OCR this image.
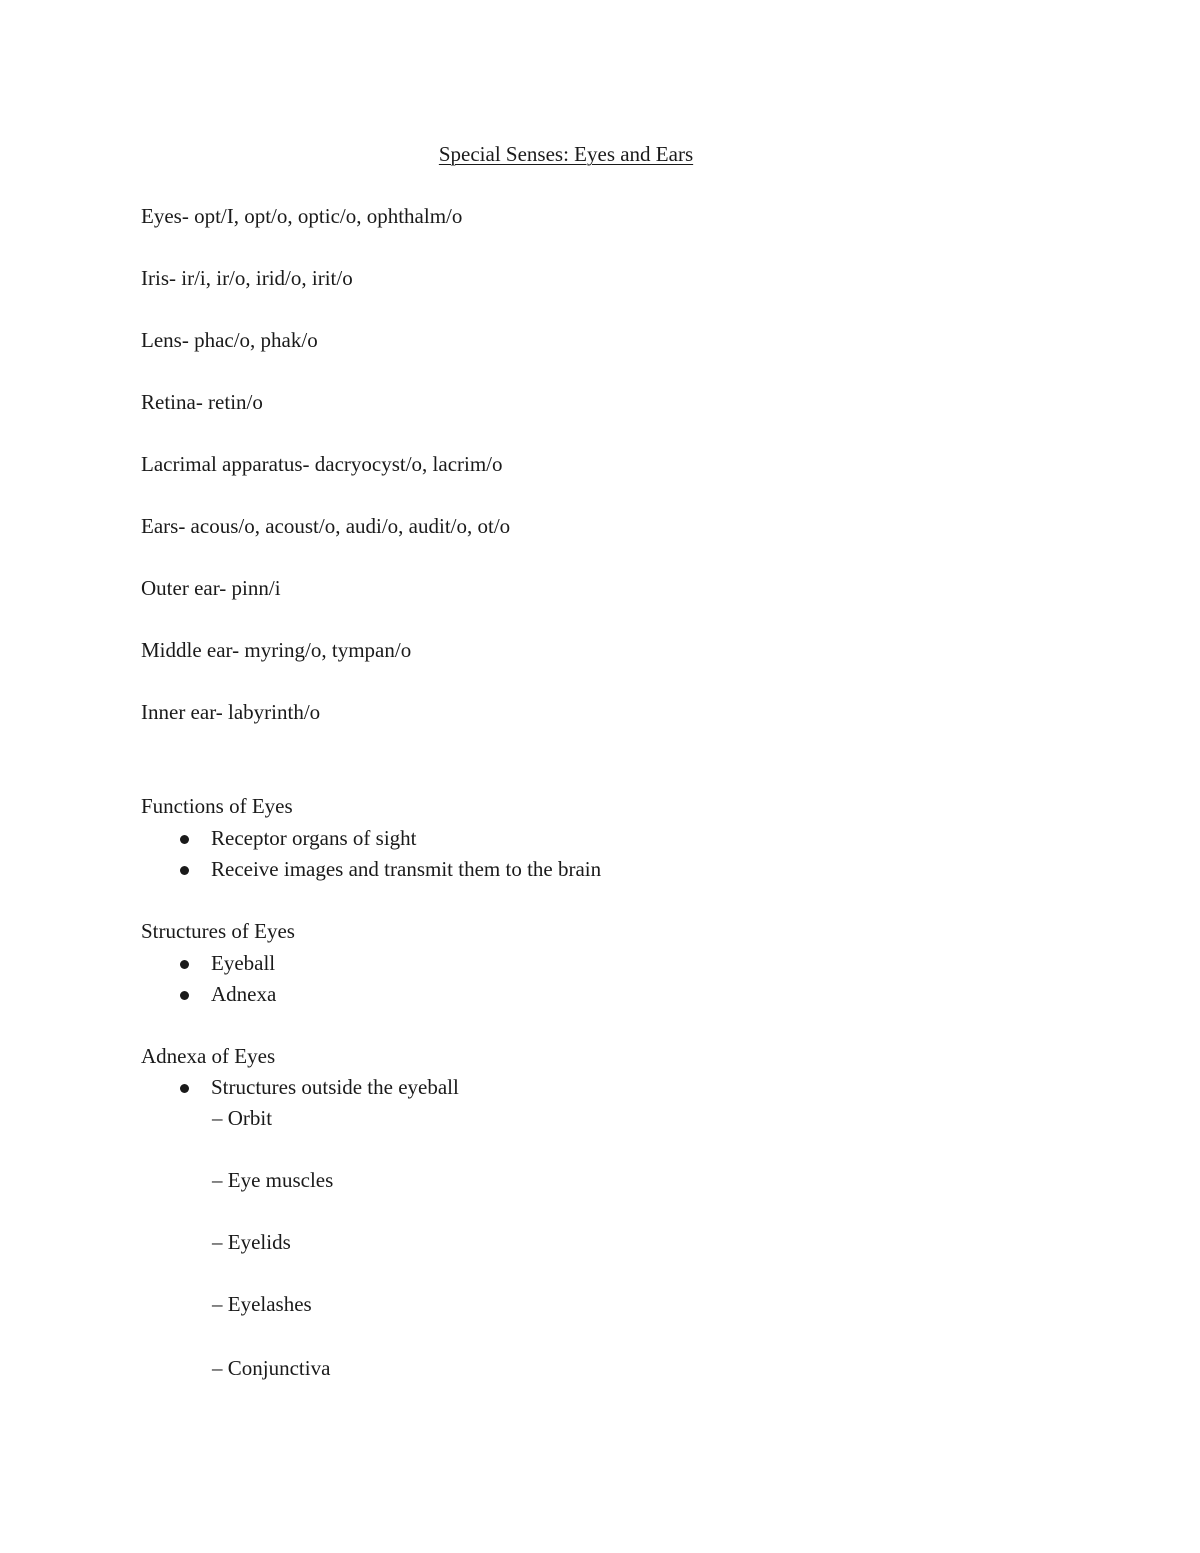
Special Senses: Eyes and Ears
Eyes- opt/I, opt/o, optic/o, ophthalm/o
Iris- ir/i, ir/o, irid/o, irit/o
Lens- phac/o, phak/o
Retina- retin/o
Lacrimal apparatus- dacryocyst/o, lacrim/o
Ears- acous/o, acoust/o, audi/o, audit/o, ot/o
Outer ear- pinn/i
Middle ear- myring/o, tympan/o
Inner ear- labyrinth/o
Functions of Eyes
Receptor organs of sight
Receive images and transmit them to the brain
Structures of Eyes
Eyeball
Adnexa
Adnexa of Eyes
Structures outside the eyeball
– Orbit
– Eye muscles
– Eyelids
– Eyelashes
– Conjunctiva
